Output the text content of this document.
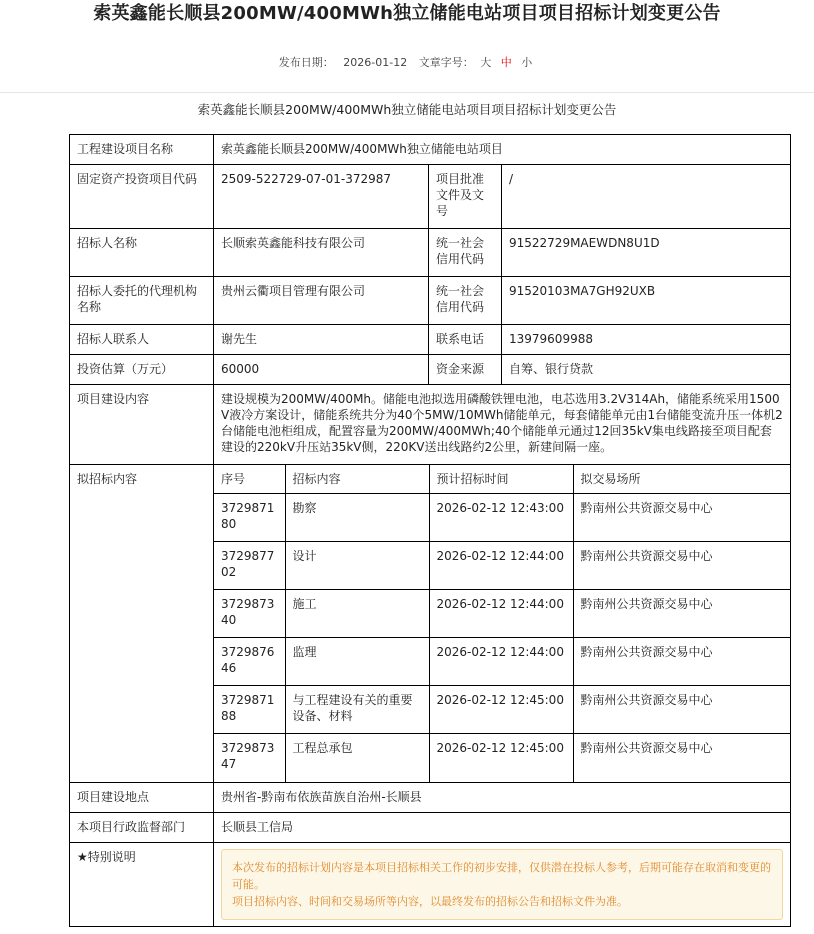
索英鑫能长顺县200MW/400MWh独立储能电站项目项目招标计划变更公告
发布日期： 2026-01-12 文章字号： 大 中 小
索英鑫能长顺县200MW/400MWh独立储能电站项目项目招标计划变更公告
工程建设项目名称	索英鑫能长顺县200MW/400MWh独立储能电站项目
固定资产投资项目代码	2509-522729-07-01-372987	项目批准文件及文号	/
招标人名称	长顺索英鑫能科技有限公司	统一社会信用代码	91522729MAEWDN8U1D
招标人委托的代理机构名称	贵州云衢项目管理有限公司	统一社会信用代码	91520103MA7GH92UXB
招标人联系人	谢先生	联系电话	13979609988
投资估算（万元）	60000	资金来源	自筹、银行贷款
项目建设内容	建设规模为200MW/400Mh。储能电池拟选用磷酸铁锂电池，电芯选用3.2V314Ah，储能系统采用1500V液冷方案设计，储能系统共分为40个5MW/10MWh储能单元，每套储能单元由1台储能变流升压一体机2台储能电池柜组成，配置容量为200MW/400MWh;40个储能单元通过12回35kV集电线路接至项目配套建设的220kV升压站35kV侧，220KV送出线路约2公里，新建间隔一座。
拟招标内容		序号	招标内容	预计招标时间	拟交易场所
372987180	勘察	2026-02-12 12:43:00	黔南州公共资源交易中心
372987702	设计	2026-02-12 12:44:00	黔南州公共资源交易中心
372987340	施工	2026-02-12 12:44:00	黔南州公共资源交易中心
372987646	监理	2026-02-12 12:44:00	黔南州公共资源交易中心
372987188	与工程建设有关的重要设备、材料	2026-02-12 12:45:00	黔南州公共资源交易中心
372987347	工程总承包	2026-02-12 12:45:00	黔南州公共资源交易中心

项目建设地点	贵州省-黔南布依族苗族自治州-长顺县
本项目行政监督部门	长顺县工信局
★特别说明	
本次发布的招标计划内容是本项目招标相关工作的初步安排，仅供潜在投标人参考，后期可能存在取消和变更的可能。
项目招标内容、时间和交易场所等内容，以最终发布的招标公告和招标文件为准。
